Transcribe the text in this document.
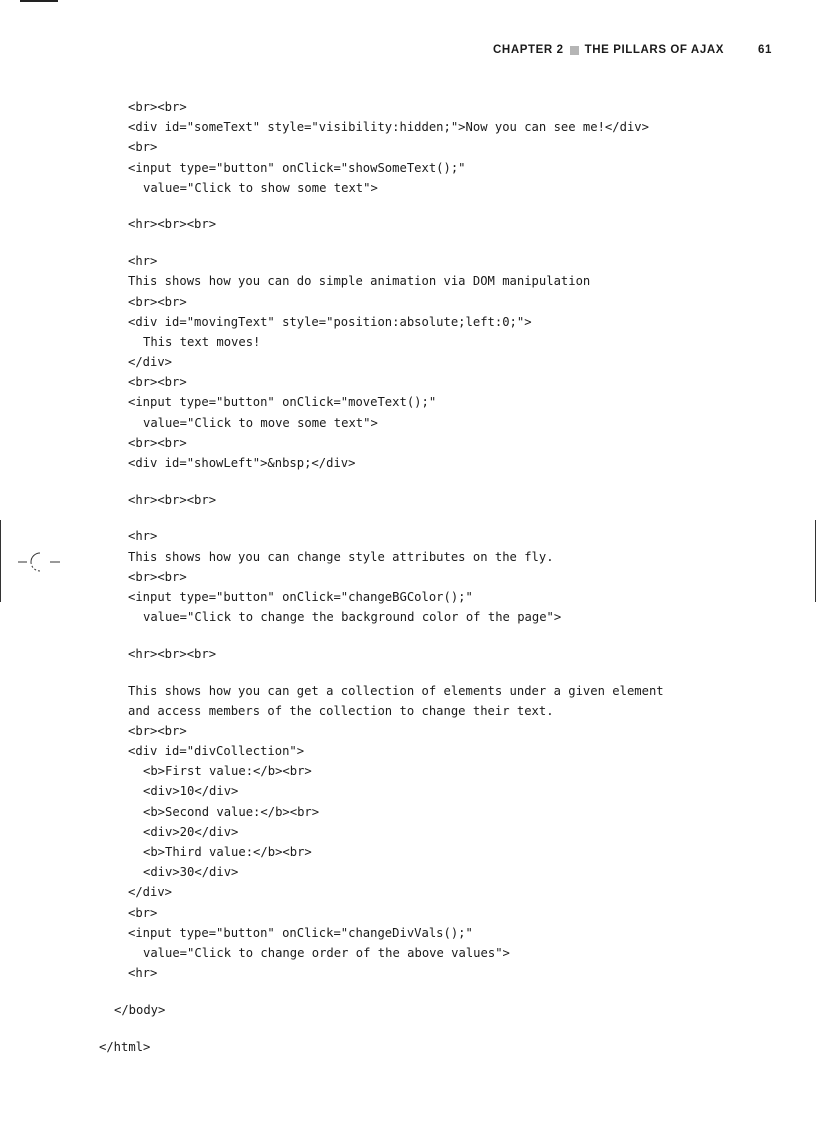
CHAPTER 2 THE PILLARS OF AJAX	61
<br><br>
<div id="someText" style="visibility:hidden;">Now you can see me!</div>
<br>
<input type="button" onClick="showSomeText();"
value="Click to show some text">
<hr><br><br>
<hr>
This shows how you can do simple animation via DOM manipulation
<br><br>
<div id="movingText" style="position:absolute;left:0;">
This text moves!
</div>
<br><br>
<input type="button" onClick="moveText();"
value="Click to move some text">
<br><br>
<div id="showLeft">&nbsp;</div>
<hr><br><br>
<hr>
This shows how you can change style attributes on the fly.
<br><br>
<input type="button" onClick="changeBGColor();"
value="Click to change the background color of the page">
<hr><br><br>
This shows how you can get a collection of elements under a given element
and access members of the collection to change their text.
<br><br>
<div id="divCollection">
<b>First value:</b><br>
<div>10</div>
<b>Second value:</b><br>
<div>20</div>
<b>Third value:</b><br>
<div>30</div>
</div>
<br>
<input type="button" onClick="changeDivVals();"
value="Click to change order of the above values">
<hr>
</body>
</html>
